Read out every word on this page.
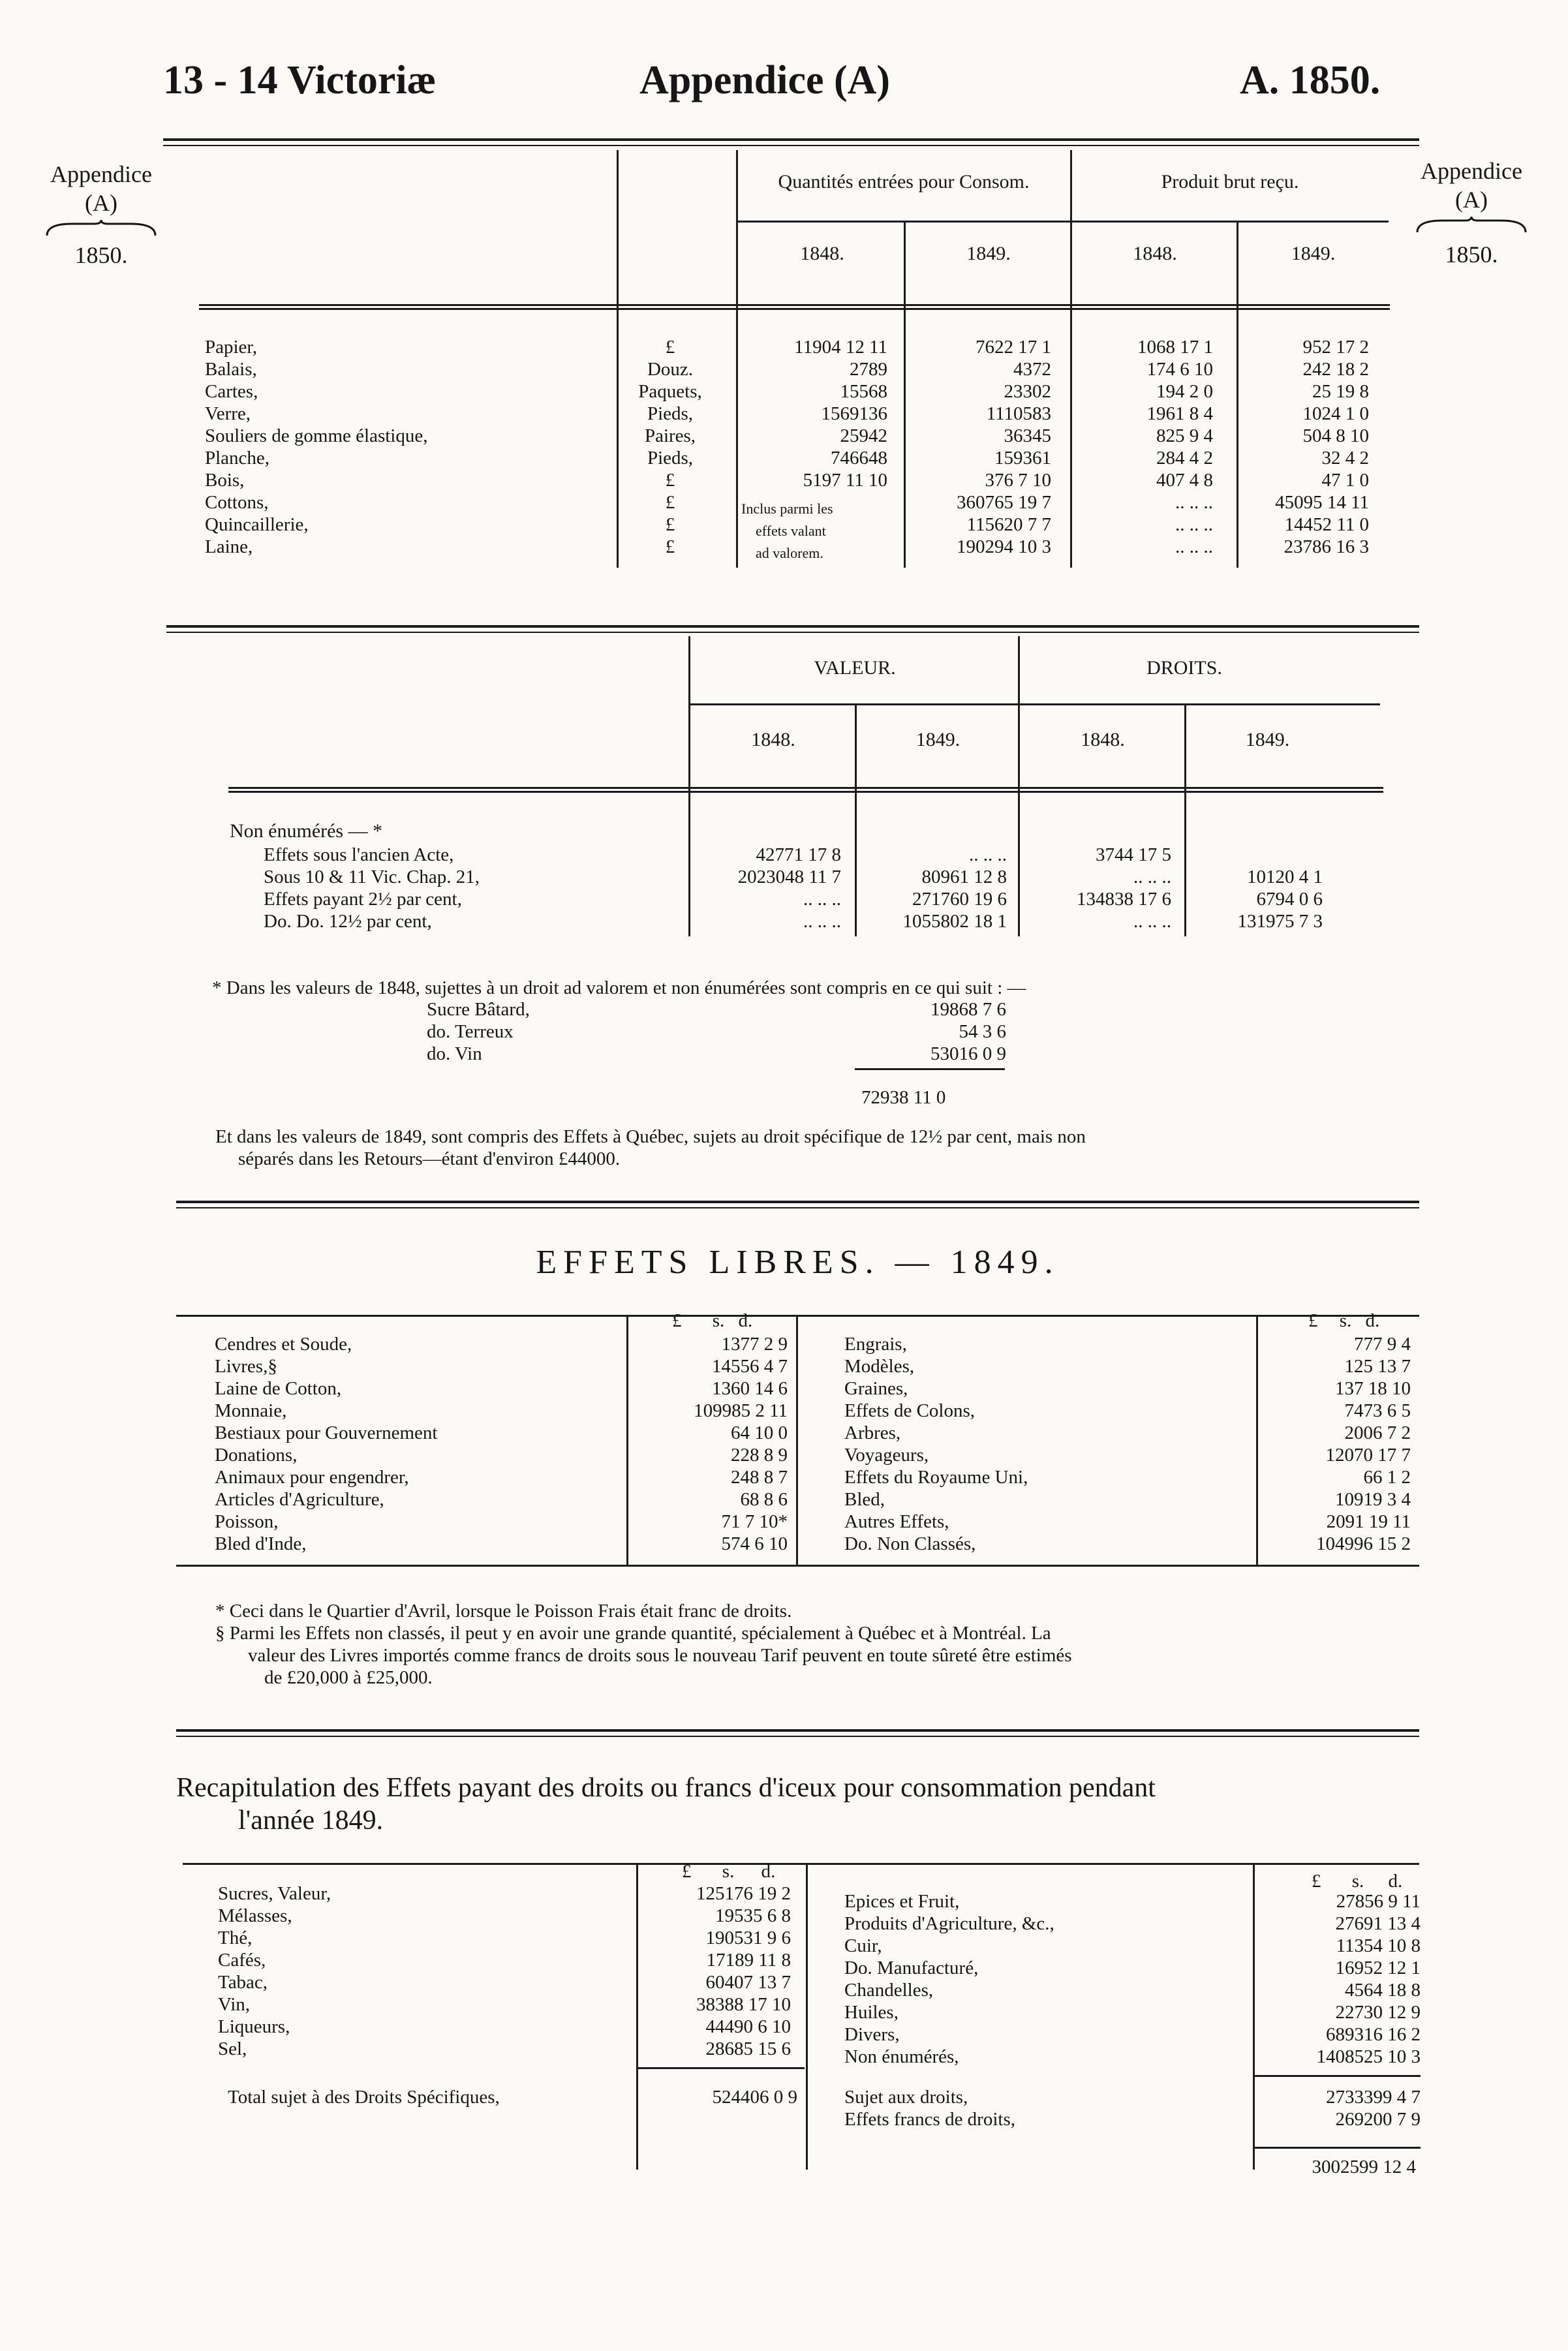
13 - 14 Victoriæ	Appendice (A)	A. 1850.
Appendice
(A)
1850.
Appendice
(A)
1850.
Quantités entrées pour Consom.	Produit brut reçu.
1848.	1849.	1848.	1849.
Papier,	£	11904 12 11	7622 17 1	1068 17 1	952 17 2
Balais,	Douz.	2789	4372	174 6 10	242 18 2
Cartes,	Paquets,	15568	23302	194 2 0	25 19 8
Verre,	Pieds,	1569136	1110583	1961 8 4	1024 1 0
Souliers de gomme élastique,	Paires,	25942	36345	825 9 4	504 8 10
Planche,	Pieds,	746648	159361	284 4 2	32 4 2
Bois,	£	5197 11 10	376 7 10	407 4 8	47 1 0
Cottons,	£		360765 19 7	.. .. ..	45095 14 11
Quincaillerie,	£		115620 7 7	.. .. ..	14452 11 0
Laine,	£		190294 10 3	.. .. ..	23786 16 3
Inclus parmi les
effets valant
ad valorem.
VALEUR.	DROITS.
1848.	1849.	1848.	1849.
Non énumérés — *
Effets sous l'ancien Acte,	42771 17 8	.. .. ..	3744 17 5	
Sous 10 & 11 Vic. Chap. 21,	2023048 11 7	80961 12 8	.. .. ..	10120 4 1
Effets payant 2½ par cent,	.. .. ..	271760 19 6	134838 17 6	6794 0 6
Do. Do. 12½ par cent,	.. .. ..	1055802 18 1	.. .. ..	131975 7 3
* Dans les valeurs de 1848, sujettes à un droit ad valorem et non énumérées sont compris en ce qui suit : —
Sucre Bâtard,	19868 7 6
do. Terreux	54 3 6
do. Vin	53016 0 9
72938 11 0
Et dans les valeurs de 1849, sont compris des Effets à Québec, sujets au droit spécifique de 12½ par cent, mais non
séparés dans les Retours—étant d'environ £44000.
EFFETS LIBRES. — 1849.
£ s. d.	£ s. d.
Cendres et Soude,	1377 2 9
Livres,§	14556 4 7
Laine de Cotton,	1360 14 6
Monnaie,	109985 2 11
Bestiaux pour Gouvernement	64 10 0
Donations,	228 8 9
Animaux pour engendrer,	248 8 7
Articles d'Agriculture,	68 8 6
Poisson,	71 7 10*
Bled d'Inde,	574 6 10
Engrais,	777 9 4
Modèles,	125 13 7
Graines,	137 18 10
Effets de Colons,	7473 6 5
Arbres,	2006 7 2
Voyageurs,	12070 17 7
Effets du Royaume Uni,	66 1 2
Bled,	10919 3 4
Autres Effets,	2091 19 11
Do. Non Classés,	104996 15 2
* Ceci dans le Quartier d'Avril, lorsque le Poisson Frais était franc de droits.
§ Parmi les Effets non classés, il peut y en avoir une grande quantité, spécialement à Québec et à Montréal. La
valeur des Livres importés comme francs de droits sous le nouveau Tarif peuvent en toute sûreté être estimés
de £20,000 à £25,000.
Recapitulation des Effets payant des droits ou francs d'iceux pour consommation pendant
l'année 1849.
£ s. d.	£ s. d.
Sucres, Valeur,	125176 19 2
Mélasses,	19535 6 8
Thé,	190531 9 6
Cafés,	17189 11 8
Tabac,	60407 13 7
Vin,	38388 17 10
Liqueurs,	44490 6 10
Sel,	28685 15 6
Total sujet à des Droits Spécifiques,	524406 0 9
Epices et Fruit,	27856 9 11
Produits d'Agriculture, &c.,	27691 13 4
Cuir,	11354 10 8
Do. Manufacturé,	16952 12 1
Chandelles,	4564 18 8
Huiles,	22730 12 9
Divers,	689316 16 2
Non énumérés,	1408525 10 3
Sujet aux droits,	2733399 4 7
Effets francs de droits,	269200 7 9
3002599 12 4
